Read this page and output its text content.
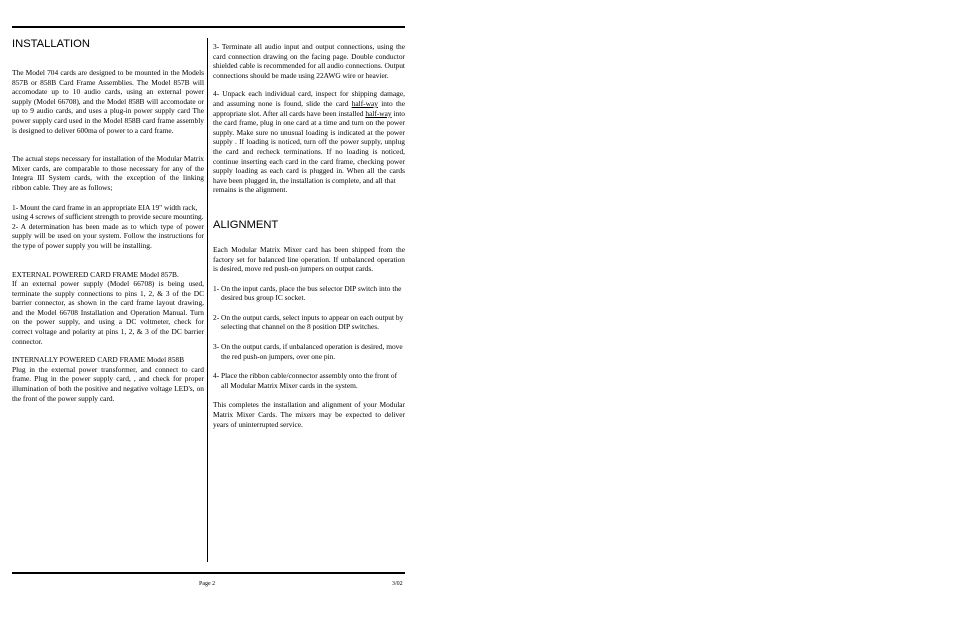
INSTALLATION

The Model 704 cards are designed to be mounted in the Models 857B or 858B Card Frame Assemblies. The Model 857B will accomodate up to 10 audio cards, using an external power supply (Model 66708), and the Model 858B will accomodate or up to 9 audio cards, and uses a plug-in power supply card The power supply card used in the Model 858B card frame assembly is designed to deliver 600ma of power to a card frame.

The actual steps necessary for installation of the Modular Matrix Mixer cards, are comparable to those necessary for any of the Integra III System cards, with the exception of the linking ribbon cable. They are as follows;

1- Mount the card frame in an appropriate EIA 19" width rack, using 4 screws of sufficient strength to provide secure mounting.

2- A determination has been made as to which type of power supply will be used on your system. Follow the instructions for the type of power supply you will be installing.

EXTERNAL POWERED CARD FRAME Model 857B.

If an external power supply (Model 66708) is being used, terminate the supply connections to pins 1, 2, & 3 of the DC barrier connector, as shown in the card frame layout drawing, and the Model 66708 Installation and Operation Manual. Turn on the power supply, and using a DC voltmeter, check for correct voltage and polarity at pins 1, 2, & 3 of the DC barrier connector.

INTERNALLY POWERED CARD FRAME Model 858B

Plug in the external power transformer, and connect to card frame. Plug in the power supply card, , and check for proper illumination of both the positive and negative voltage LED's, on the front of the power supply card.

3- Terminate all audio input and output connections, using the card connection drawing on the facing page. Double conductor shielded cable is recommended for all audio connections. Output connections should be made using 22AWG wire or heavier.

4- Unpack each individual card, inspect for shipping damage, and assuming none is found, slide the card half-way into the appropriate slot. After all cards have been installed half-way into the card frame, plug in one card at a time and turn on the power supply. Make sure no unusual loading is indicated at the power supply . If loading is noticed, turn off the power supply, unplug the card and recheck terminations. If no loading is noticed, continue inserting each card in the card frame, checking power supply loading as each card is plugged in. When all the cards have been plugged in, the installation is complete, and all that

remains is the alignment.

ALIGNMENT

Each Modular Matrix Mixer card has been shipped from the factory set for balanced line operation. If unbalanced operation is desired, move red push-on jumpers on output cards.

1- On the input cards, place the bus selector DIP switch into the desired bus group IC socket.

2- On the output cards, select inputs to appear on each output by selecting that channel on the 8 position DIP switches.

3- On the output cards, if unbalanced operation is desired, move the red push-on jumpers, over one pin.

4- Place the ribbon cable/connector assembly onto the front of all Modular Matrix Mixer cards in the system.

This completes the installation and alignment of your Modular Matrix Mixer Cards. The mixers may be expected to deliver years of uninterrupted service.

Page 2	3/02
